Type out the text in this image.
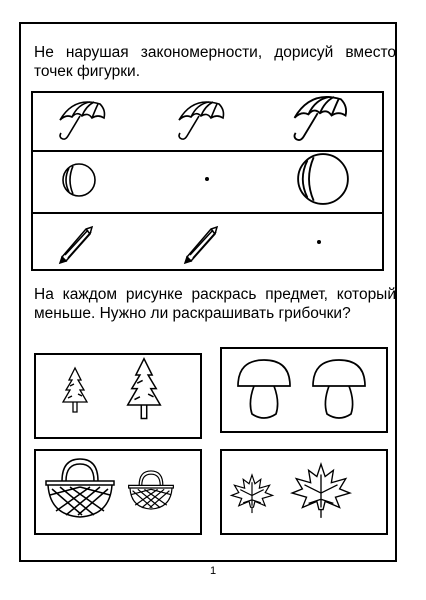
Не нарушая закономерности, дорисуй вместо точек фигурки.
На каждом рисунке раскрась предмет, который меньше. Нужно ли раскрашивать грибочки?
1
